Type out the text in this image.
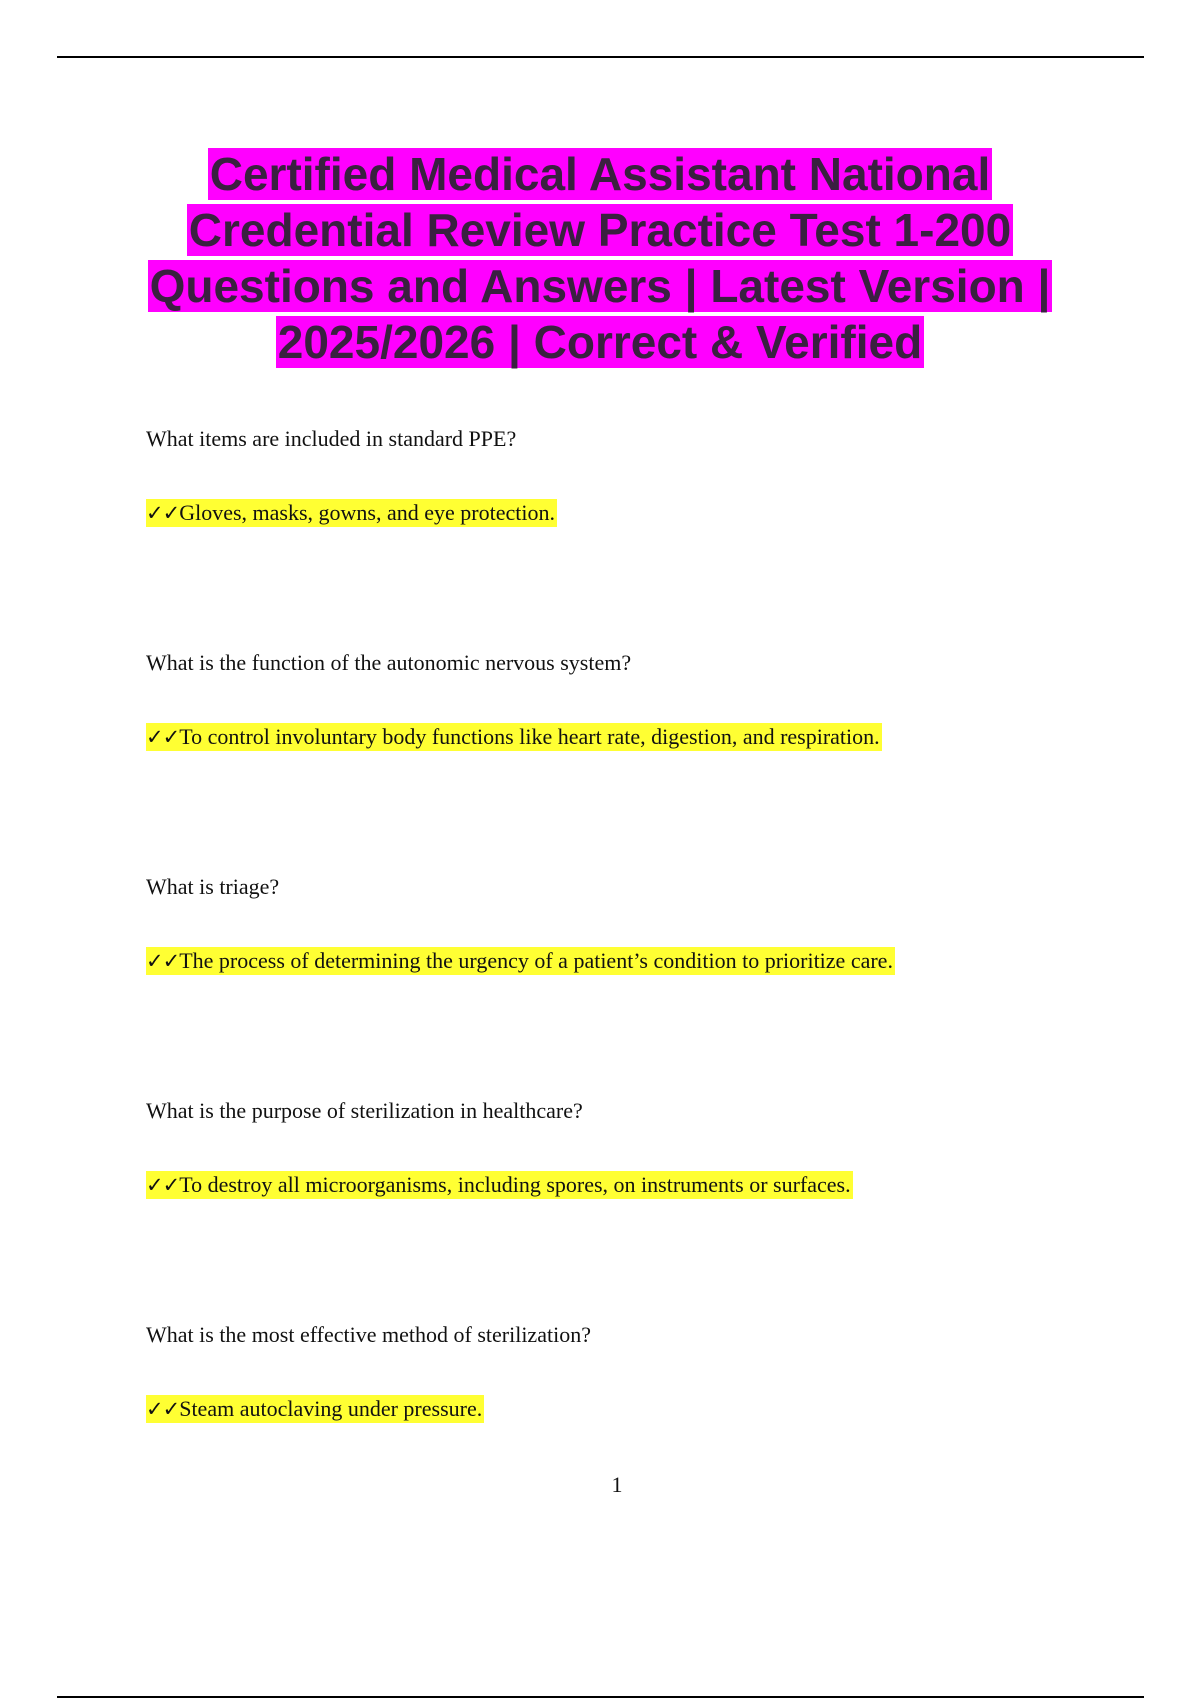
Certified Medical Assistant National Credential Review Practice Test 1-200 Questions and Answers | Latest Version | 2025/2026 | Correct & Verified
What items are included in standard PPE?
✓✓Gloves, masks, gowns, and eye protection.
What is the function of the autonomic nervous system?
✓✓To control involuntary body functions like heart rate, digestion, and respiration.
What is triage?
✓✓The process of determining the urgency of a patient’s condition to prioritize care.
What is the purpose of sterilization in healthcare?
✓✓To destroy all microorganisms, including spores, on instruments or surfaces.
What is the most effective method of sterilization?
✓✓Steam autoclaving under pressure.
1
